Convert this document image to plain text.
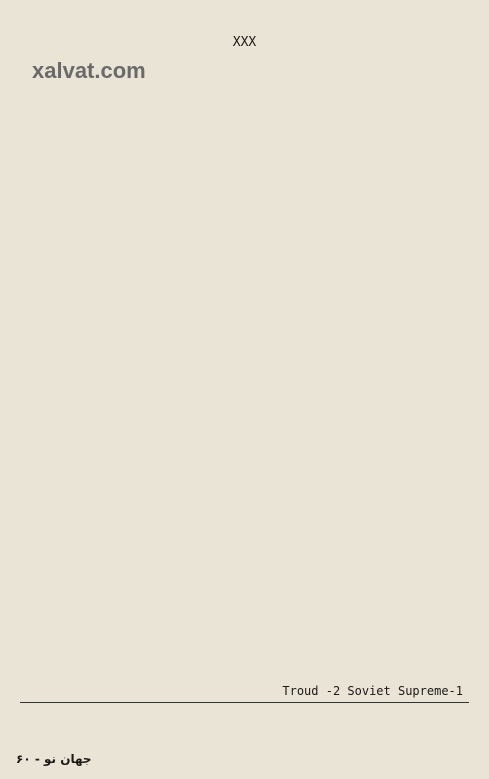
xalvat.com

XXX

Troud -2 Soviet Supreme-1
جهان نو - ۶۰
